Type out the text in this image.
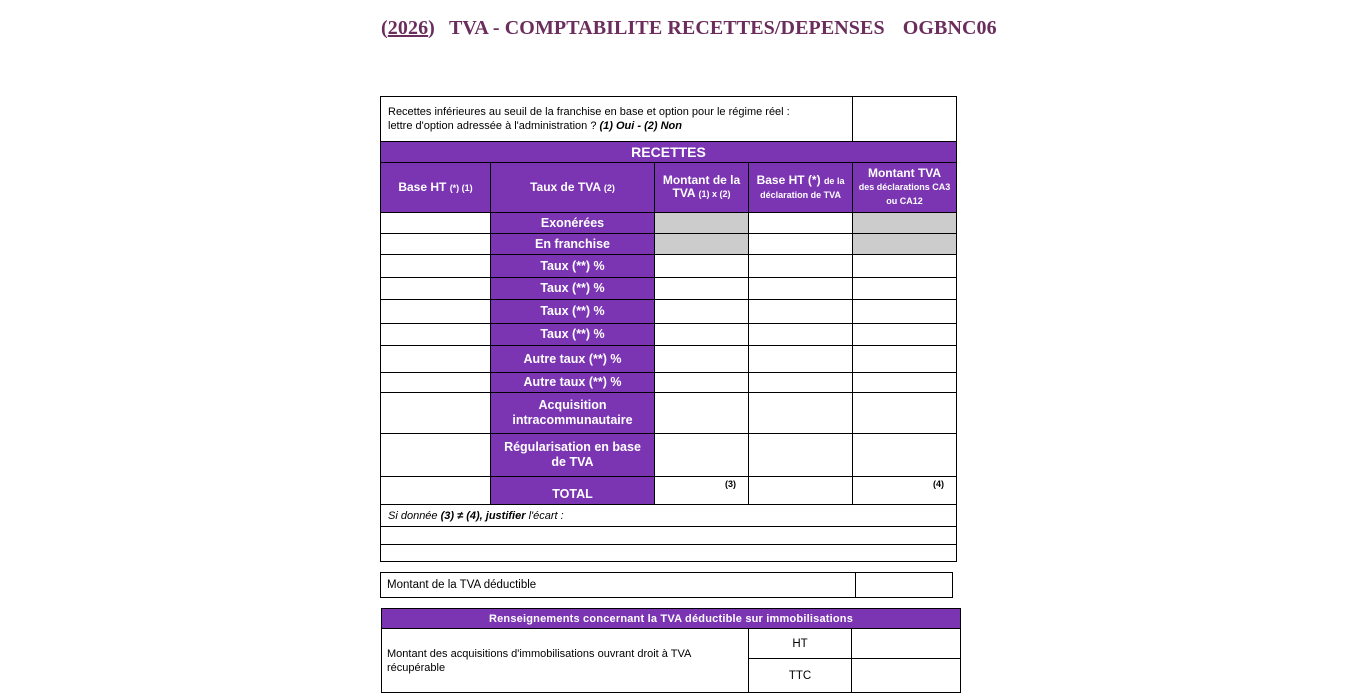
(2026) TVA - COMPTABILITE RECETTES/DEPENSES OGBNC06
Recettes inférieures au seuil de la franchise en base et option pour le régime réel :
lettre d'option adressée à l'administration ? (1) Oui - (2) Non				
RECETTES				
Base HT (*) (1)	Taux de TVA (2)	Montant de la TVA (1) x (2)	Base HT (*) de la déclaration de TVA	Montant TVA
des déclarations CA3 ou CA12
	Exonérées			
	En franchise			
	Taux (**) %			
	Taux (**) %			
	Taux (**) %			
	Taux (**) %			
	Autre taux (**) %			
	Autre taux (**) %			
	Acquisition intracommunautaire			
	Régularisation en base de TVA			
	TOTAL	(3)		(4)
Si donnée (3) ≠ (4), justifier l'écart :				

Montant de la TVA déductible	
Renseignements concernant la TVA déductible sur immobilisations		
Montant des acquisitions d'immobilisations ouvrant droit à TVA récupérable	HT	
	TTC	
